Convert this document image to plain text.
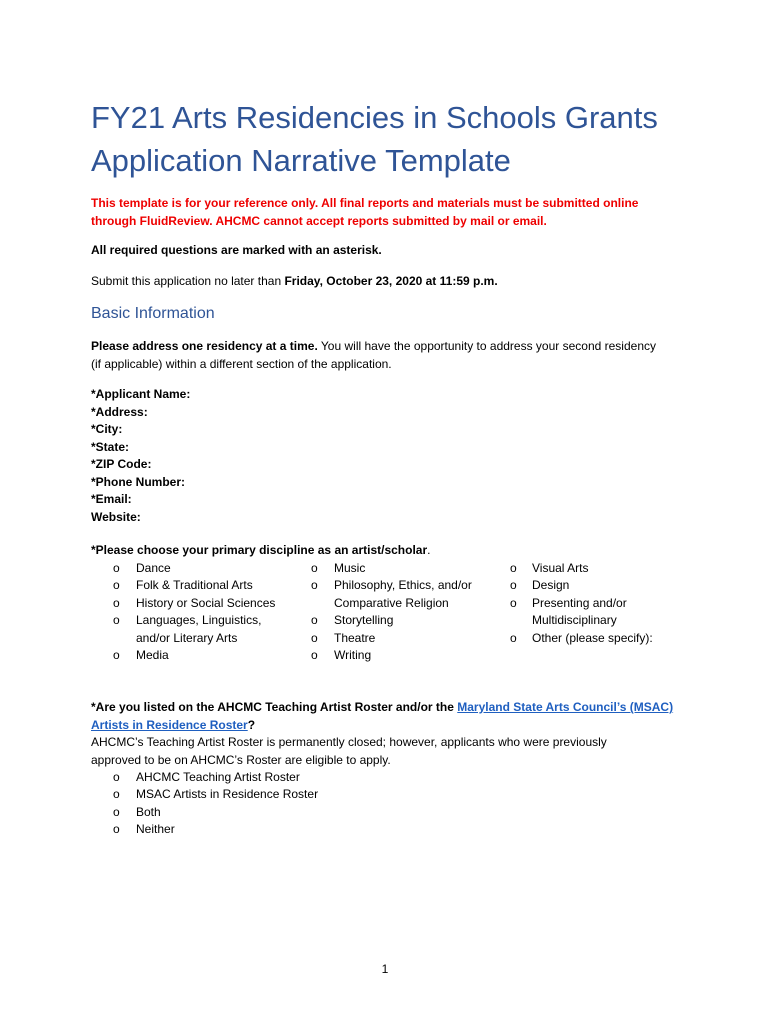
FY21 Arts Residencies in Schools Grants
Application Narrative Template
This template is for your reference only. All final reports and materials must be submitted online
through FluidReview. AHCMC cannot accept reports submitted by mail or email.
All required questions are marked with an asterisk.
Submit this application no later than Friday, October 23, 2020 at 11:59 p.m.
Basic Information
Please address one residency at a time. You will have the opportunity to address your second residency
(if applicable) within a different section of the application.
*Applicant Name:
*Address:
*City:
*State:
*ZIP Code:
*Phone Number:
*Email:
Website:
*Please choose your primary discipline as an artist/scholar.
o Dance
o Folk & Traditional Arts
o History or Social Sciences
o Languages, Linguistics,
and/or Literary Arts
o Media
o Music
o Philosophy, Ethics, and/or
Comparative Religion
o Storytelling
o Theatre
o Writing
o Visual Arts
o Design
o Presenting and/or
Multidisciplinary
o Other (please specify):
*Are you listed on the AHCMC Teaching Artist Roster and/or the Maryland State Arts Council’s (MSAC)
Artists in Residence Roster?
AHCMC’s Teaching Artist Roster is permanently closed; however, applicants who were previously
approved to be on AHCMC’s Roster are eligible to apply.
o AHCMC Teaching Artist Roster
o MSAC Artists in Residence Roster
o Both
o Neither
1
